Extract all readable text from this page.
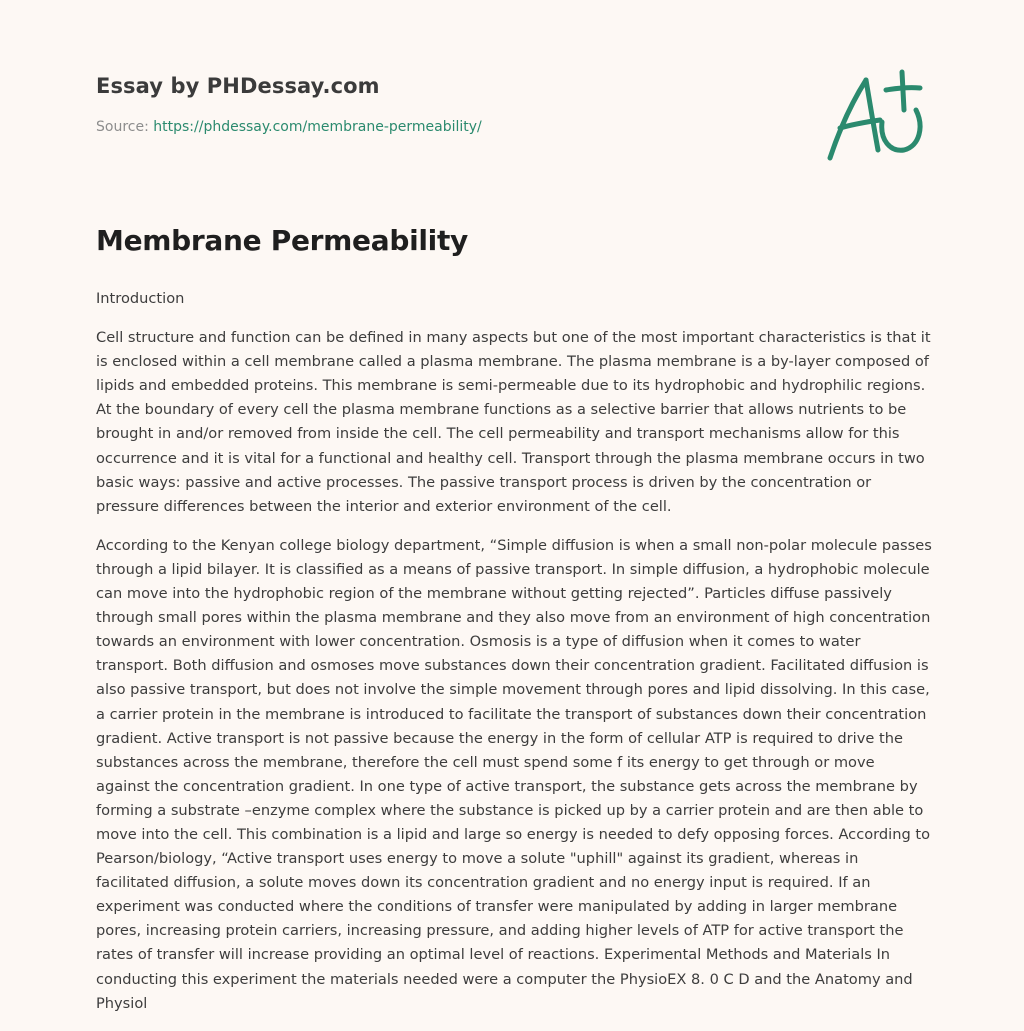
Essay by PHDessay.com
Source: https://phdessay.com/membrane-permeability/
Membrane Permeability

Introduction

Cell structure and function can be defined in many aspects but one of the most important characteristics is that it is enclosed within a cell membrane called a plasma membrane. The plasma membrane is a by-layer composed of lipids and embedded proteins. This membrane is semi-permeable due to its hydrophobic and hydrophilic regions. At the boundary of every cell the plasma membrane functions as a selective barrier that allows nutrients to be brought in and/or removed from inside the cell. The cell permeability and transport mechanisms allow for this occurrence and it is vital for a functional and healthy cell. Transport through the plasma membrane occurs in two basic ways: passive and active processes. The passive transport process is driven by the concentration or pressure differences between the interior and exterior environment of the cell.

According to the Kenyan college biology department, “Simple diffusion is when a small non-polar molecule passes through a lipid bilayer. It is classified as a means of passive transport. In simple diffusion, a hydrophobic molecule can move into the hydrophobic region of the membrane without getting rejected”. Particles diffuse passively through small pores within the plasma membrane and they also move from an environment of high concentration towards an environment with lower concentration. Osmosis is a type of diffusion when it comes to water transport. Both diffusion and osmoses move substances down their concentration gradient. Facilitated diffusion is also passive transport, but does not involve the simple movement through pores and lipid dissolving. In this case, a carrier protein in the membrane is introduced to facilitate the transport of substances down their concentration gradient. Active transport is not passive because the energy in the form of cellular ATP is required to drive the substances across the membrane, therefore the cell must spend some f its energy to get through or move against the concentration gradient. In one type of active transport, the substance gets across the membrane by forming a substrate –enzyme complex where the substance is picked up by a carrier protein and are then able to move into the cell. This combination is a lipid and large so energy is needed to defy opposing forces. According to Pearson/biology, “Active transport uses energy to move a solute "uphill" against its gradient, whereas in facilitated diffusion, a solute moves down its concentration gradient and no energy input is required. If an experiment was conducted where the conditions of transfer were manipulated by adding in larger membrane pores, increasing protein carriers, increasing pressure, and adding higher levels of ATP for active transport the rates of transfer will increase providing an optimal level of reactions. Experimental Methods and Materials In conducting this experiment the materials needed were a computer the PhysioEX 8. 0 C D and the Anatomy and Physiol
